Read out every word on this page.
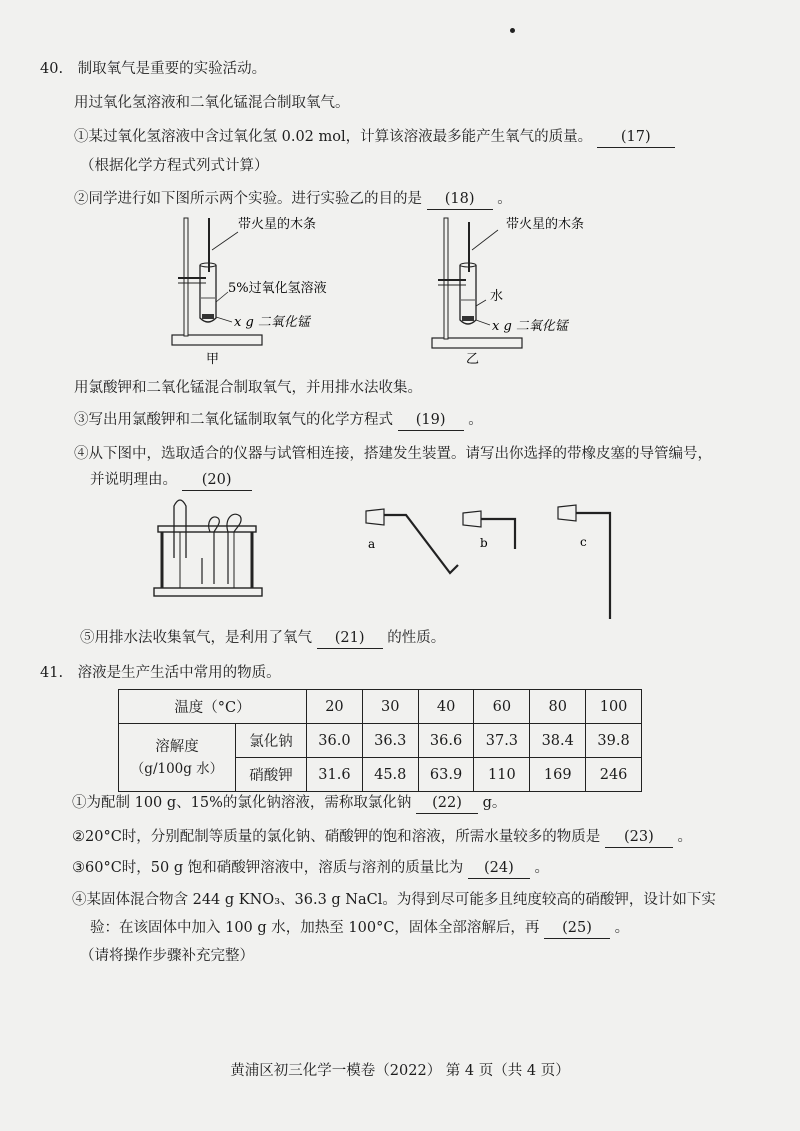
40. 制取氧气是重要的实验活动。
用过氧化氢溶液和二氧化锰混合制取氧气。
①某过氧化氢溶液中含过氧化氢 0.02 mol，计算该溶液最多能产生氧气的质量。 (17)
（根据化学方程式列式计算）
②同学进行如下图所示两个实验。进行实验乙的目的是 (18) 。
带火星的木条
5%过氧化氢溶液
x g 二氧化锰
甲
带火星的木条
水
x g 二氧化锰
乙
用氯酸钾和二氧化锰混合制取氧气，并用排水法收集。
③写出用氯酸钾和二氧化锰制取氧气的化学方程式 (19) 。
④从下图中，选取适合的仪器与试管相连接，搭建发生装置。请写出你选择的带橡皮塞的导管编号，
并说明理由。 (20)
a	b	c
⑤用排水法收集氧气，是利用了氧气 (21) 的性质。
41. 溶液是生产生活中常用的物质。
温度（°C）		20	30	40	60	80	100

溶解度
（g/100g 水）	氯化钠	36.0	36.3	36.6	37.3	38.4	39.8
	硝酸钾	31.6	45.8	63.9	110	169	246
①为配制 100 g、15%的氯化钠溶液，需称取氯化钠 (22) g。
②20°C时，分别配制等质量的氯化钠、硝酸钾的饱和溶液，所需水量较多的物质是 (23) 。
③60°C时，50 g 饱和硝酸钾溶液中，溶质与溶剂的质量比为 (24) 。
④某固体混合物含 244 g KNO₃、36.3 g NaCl。为得到尽可能多且纯度较高的硝酸钾，设计如下实
验：在该固体中加入 100 g 水，加热至 100°C，固体全部溶解后，再 (25) 。
（请将操作步骤补充完整）
黄浦区初三化学一模卷（2022） 第 4 页（共 4 页）
